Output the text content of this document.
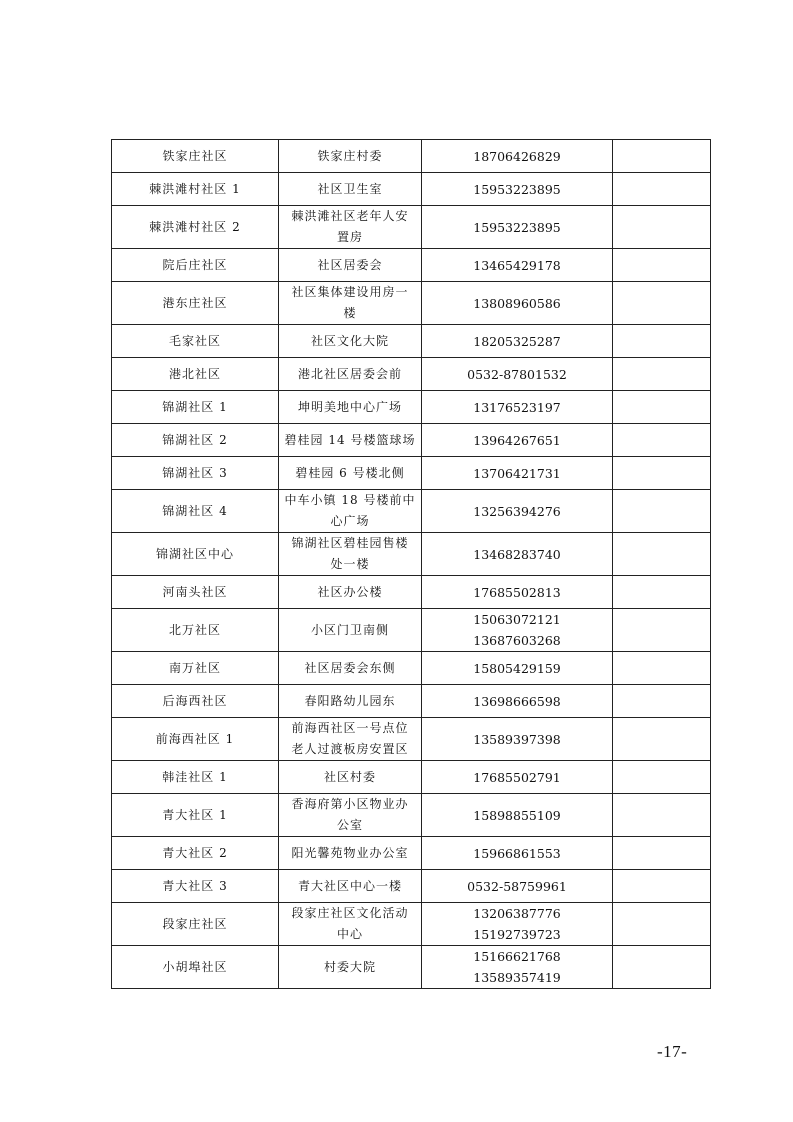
铁家庄社区	铁家庄村委	18706426829	

棘洪滩村社区 1	社区卫生室	15953223895	

棘洪滩村社区 2	棘洪滩社区老年人安
置房	15953223895	

院后庄社区	社区居委会	13465429178	

港东庄社区	社区集体建设用房一
楼	13808960586	

毛家社区	社区文化大院	18205325287	

港北社区	港北社区居委会前	0532-87801532	

锦湖社区 1	坤明美地中心广场	13176523197	

锦湖社区 2	碧桂园 14 号楼篮球场	13964267651	

锦湖社区 3	碧桂园 6 号楼北侧	13706421731	

锦湖社区 4	中车小镇 18 号楼前中
心广场	13256394276	

锦湖社区中心	锦湖社区碧桂园售楼
处一楼	13468283740	

河南头社区	社区办公楼	17685502813	

北万社区	小区门卫南侧	15063072121
13687603268	

南万社区	社区居委会东侧	15805429159	

后海西社区	春阳路幼儿园东	13698666598	

前海西社区 1	前海西社区一号点位
老人过渡板房安置区	13589397398	

韩洼社区 1	社区村委	17685502791	

青大社区 1	香海府第小区物业办
公室	15898855109	

青大社区 2	阳光馨苑物业办公室	15966861553	

青大社区 3	青大社区中心一楼	0532-58759961	

段家庄社区	段家庄社区文化活动
中心	13206387776
15192739723	

小胡埠社区	村委大院	15166621768
13589357419	

-17-
